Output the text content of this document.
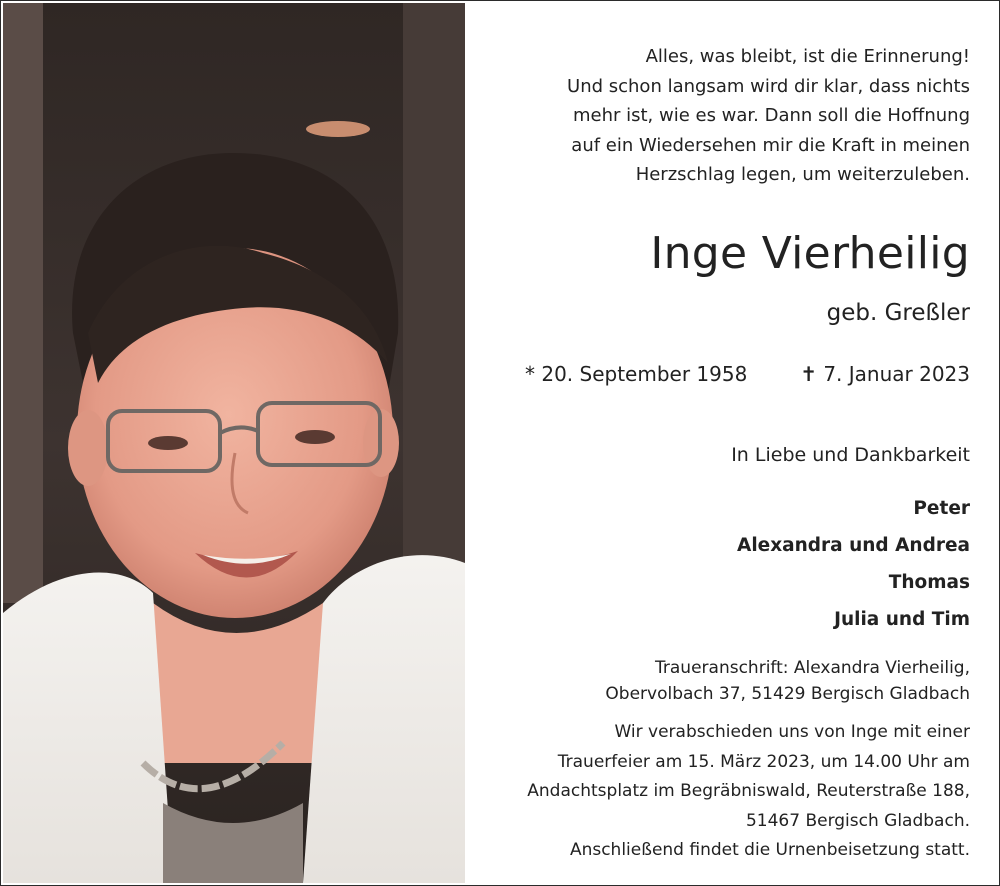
Alles, was bleibt, ist die Erinnerung!
Und schon langsam wird dir klar, dass nichts
mehr ist, wie es war. Dann soll die Hoffnung
auf ein Wiedersehen mir die Kraft in meinen
Herzschlag legen, um weiterzuleben.
Inge Vierheilig
geb. Greßler
* 20. September 1958	✝ 7. Januar 2023
In Liebe und Dankbarkeit
Peter
Alexandra und Andrea
Thomas
Julia und Tim
Traueranschrift: Alexandra Vierheilig,
Obervolbach 37, 51429 Bergisch Gladbach
Wir verabschieden uns von Inge mit einer
Trauerfeier am 15. März 2023, um 14.00 Uhr am
Andachtsplatz im Begräbniswald, Reuterstraße 188,
51467 Bergisch Gladbach.
Anschließend findet die Urnenbeisetzung statt.
